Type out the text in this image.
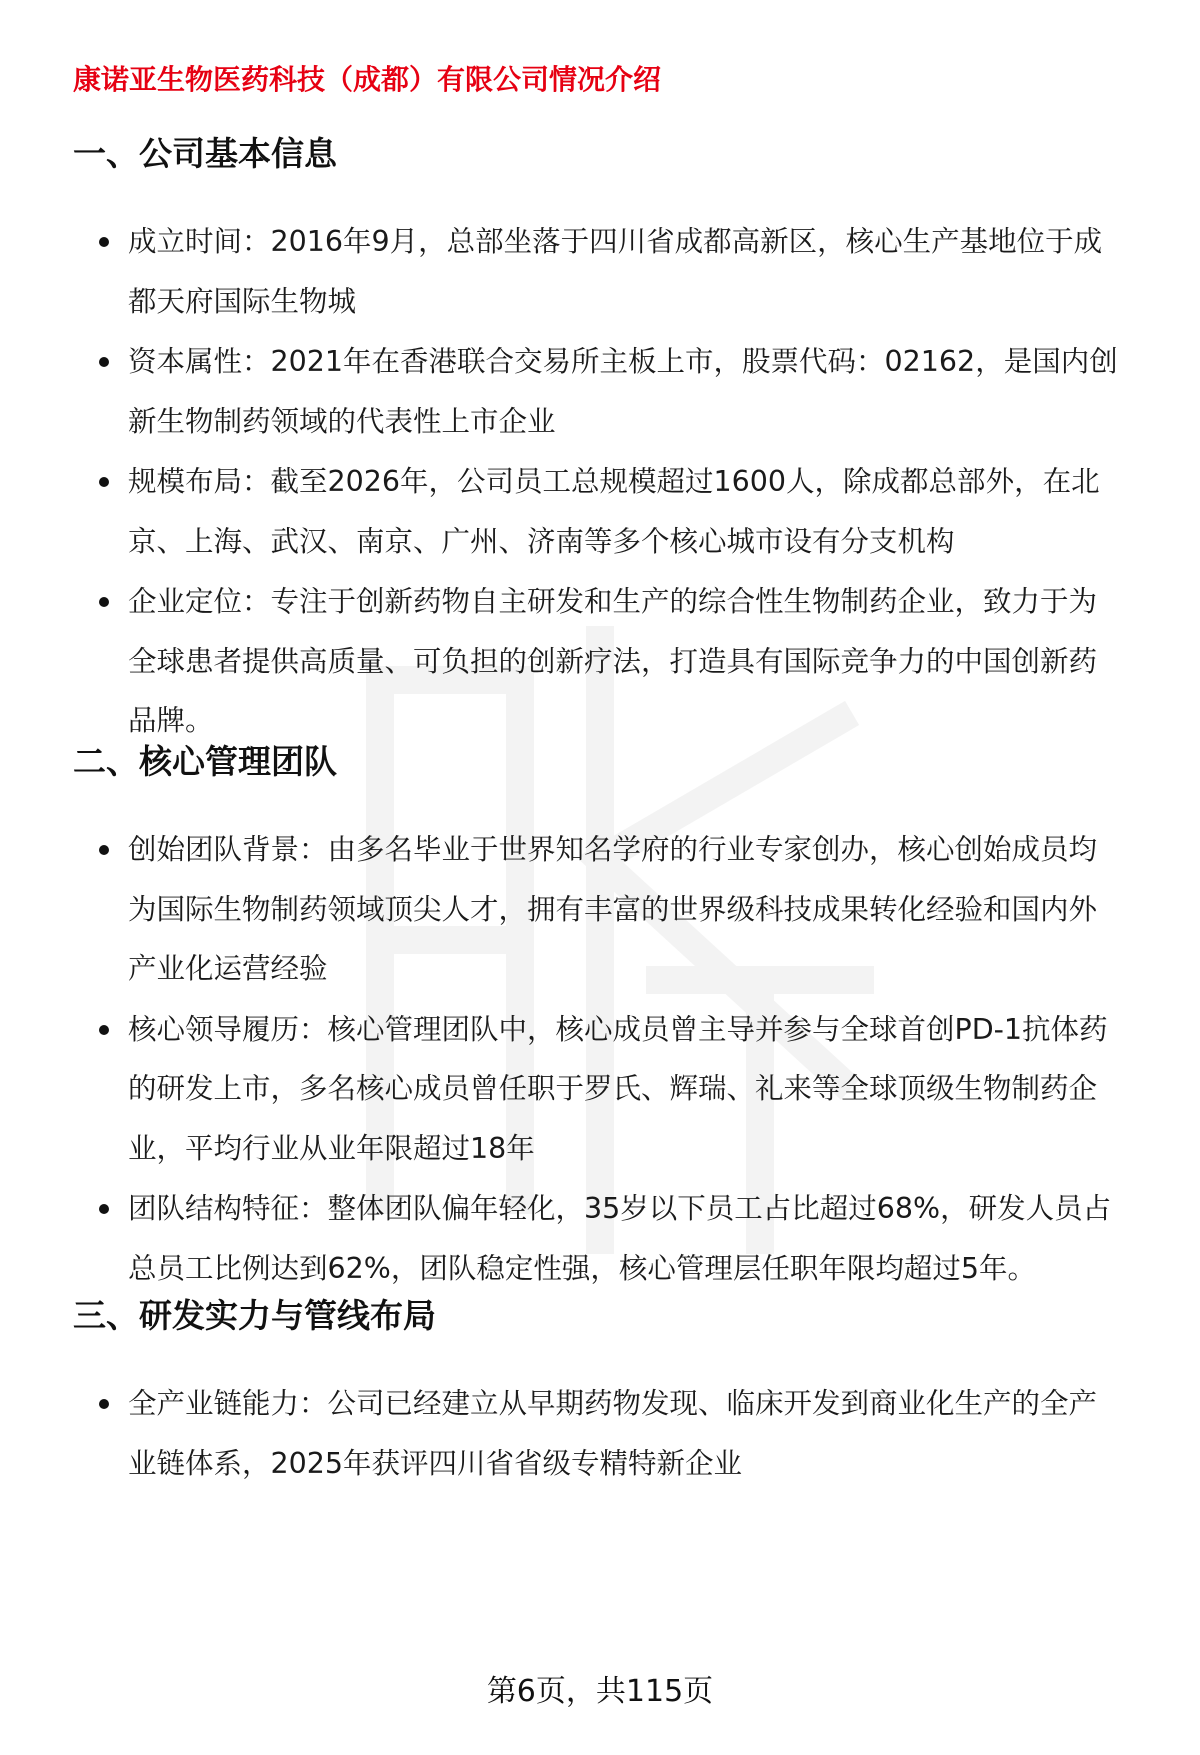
康诺亚生物医药科技（成都）有限公司情况介绍
一、公司基本信息
成立时间：2016年9月，总部坐落于四川省成都高新区，核心生产基地位于成
都天府国际生物城
资本属性：2021年在香港联合交易所主板上市，股票代码：02162，是国内创
新生物制药领域的代表性上市企业
规模布局：截至2026年，公司员工总规模超过1600人，除成都总部外，在北
京、上海、武汉、南京、广州、济南等多个核心城市设有分支机构
企业定位：专注于创新药物自主研发和生产的综合性生物制药企业，致力于为
全球患者提供高质量、可负担的创新疗法，打造具有国际竞争力的中国创新药
品牌。
二、核心管理团队
创始团队背景：由多名毕业于世界知名学府的行业专家创办，核心创始成员均
为国际生物制药领域顶尖人才，拥有丰富的世界级科技成果转化经验和国内外
产业化运营经验
核心领导履历：核心管理团队中，核心成员曾主导并参与全球首创PD-1抗体药
的研发上市，多名核心成员曾任职于罗氏、辉瑞、礼来等全球顶级生物制药企
业，平均行业从业年限超过18年
团队结构特征：整体团队偏年轻化，35岁以下员工占比超过68%，研发人员占
总员工比例达到62%，团队稳定性强，核心管理层任职年限均超过5年。
三、研发实力与管线布局
全产业链能力：公司已经建立从早期药物发现、临床开发到商业化生产的全产
业链体系，2025年获评四川省省级专精特新企业
第6页，共115页
